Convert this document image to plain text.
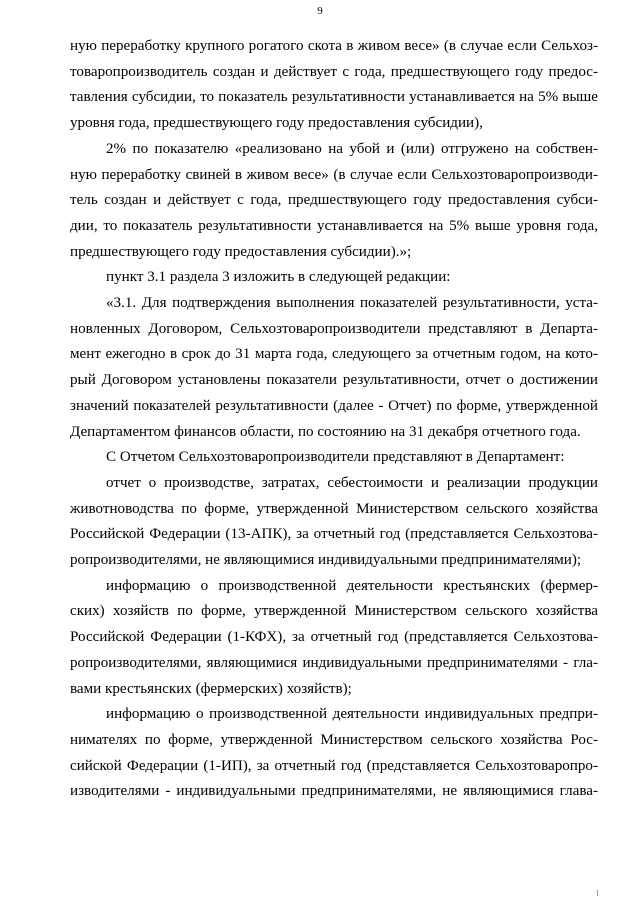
9
ную переработку крупного рогатого скота в живом весе» (в случае если Сельхоз-
товаропроизводитель создан и действует с года, предшествующего году предос-
тавления субсидии, то показатель результативности устанавливается на 5% выше
уровня года, предшествующего году предоставления субсидии),
2% по показателю «реализовано на убой и (или) отгружено на собствен-
ную переработку свиней в живом весе» (в случае если Сельхозтоваропроизводи-
тель создан и действует с года, предшествующего году предоставления субси-
дии, то показатель результативности устанавливается на 5% выше уровня года,
предшествующего году предоставления субсидии).»;
пункт 3.1 раздела 3 изложить в следующей редакции:
«3.1. Для подтверждения выполнения показателей результативности, уста-
новленных Договором, Сельхозтоваропроизводители представляют в Департа-
мент ежегодно в срок до 31 марта года, следующего за отчетным годом, на кото-
рый Договором установлены показатели результативности, отчет о достижении
значений показателей результативности (далее - Отчет) по форме, утвержденной
Департаментом финансов области, по состоянию на 31 декабря отчетного года.
С Отчетом Сельхозтоваропроизводители представляют в Департамент:
отчет о производстве, затратах, себестоимости и реализации продукции
животноводства по форме, утвержденной Министерством сельского хозяйства
Российской Федерации (13-АПК), за отчетный год (представляется Сельхозтова-
ропроизводителями, не являющимися индивидуальными предпринимателями);
информацию о производственной деятельности крестьянских (фермер-
ских) хозяйств по форме, утвержденной Министерством сельского хозяйства
Российской Федерации (1-КФХ), за отчетный год (представляется Сельхозтова-
ропроизводителями, являющимися индивидуальными предпринимателями - гла-
вами крестьянских (фермерских) хозяйств);
информацию о производственной деятельности индивидуальных предпри-
нимателях по форме, утвержденной Министерством сельского хозяйства Рос-
сийской Федерации (1-ИП), за отчетный год (представляется Сельхозтоваропро-
изводителями - индивидуальными предпринимателями, не являющимися глава-
